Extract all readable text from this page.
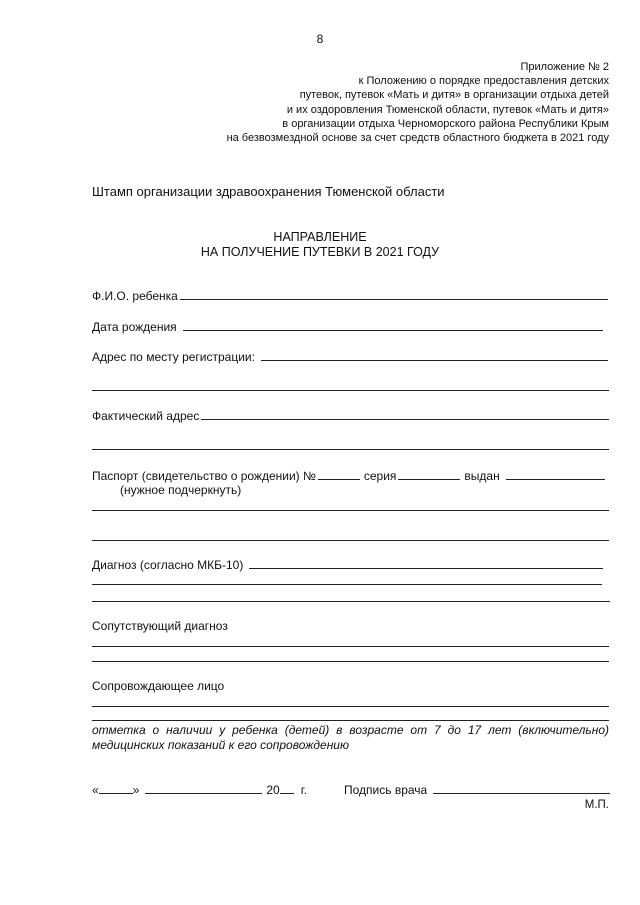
8
Приложение № 2
к Положению о порядке предоставления детских
путевок, путевок «Мать и дитя» в организации отдыха детей
и их оздоровления Тюменской области, путевок «Мать и дитя»
в организации отдыха Черноморского района Республики Крым
на безвозмездной основе за счет средств областного бюджета в 2021 году
Штамп организации здравоохранения Тюменской области
НАПРАВЛЕНИЕ
НА ПОЛУЧЕНИЕ ПУТЕВКИ В 2021 ГОДУ
Ф.И.О. ребенка
Дата рождения
Адрес по месту регистрации:
Фактический адрес
Паспорт (свидетельство о рождении) №	серия	выдан
(нужное подчеркнуть)
Диагноз (согласно МКБ-10)
Сопутствующий диагноз
Сопровождающее лицо
отметка о наличии у ребенка (детей) в возрасте от 7 до 17 лет (включительно) медицинских показаний к его сопровождению
«	»	20 г.	Подпись врача
М.П.
